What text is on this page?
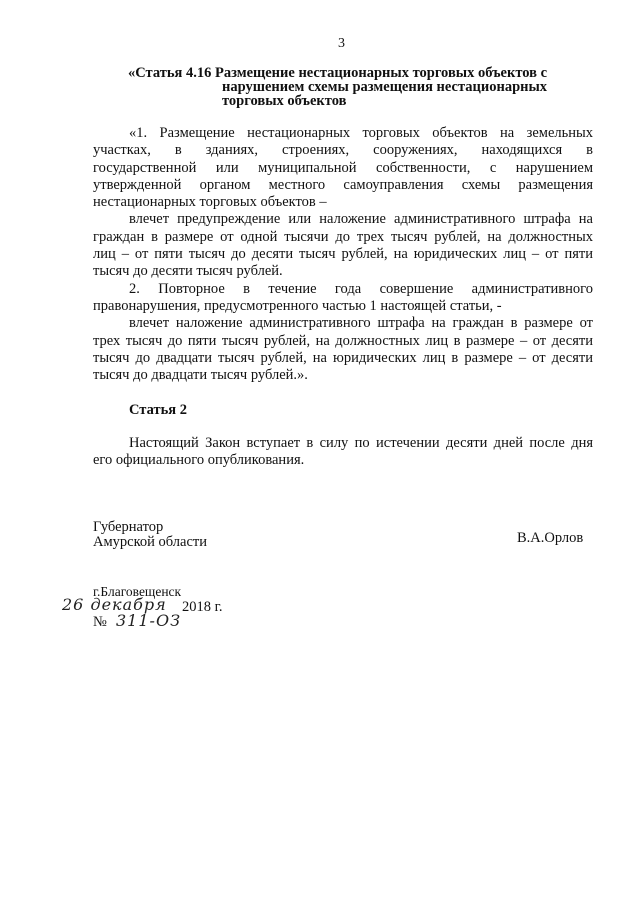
3
«Статья 4.16 Размещение нестационарных торговых объектов с
нарушением схемы размещения нестационарных
торговых объектов
«1. Размещение нестационарных торговых объектов на земельных
участках, в зданиях, строениях, сооружениях, находящихся в
государственной или муниципальной собственности, с нарушением
утвержденной органом местного самоуправления схемы размещения
нестационарных торговых объектов –
влечет предупреждение или наложение административного штрафа на
граждан в размере от одной тысячи до трех тысяч рублей, на должностных
лиц – от пяти тысяч до десяти тысяч рублей, на юридических лиц – от пяти
тысяч до десяти тысяч рублей.
2. Повторное в течение года совершение административного
правонарушения, предусмотренного частью 1 настоящей статьи, -
влечет наложение административного штрафа на граждан в размере от
трех тысяч до пяти тысяч рублей, на должностных лиц в размере – от десяти
тысяч до двадцати тысяч рублей, на юридических лиц в размере – от десяти
тысяч до двадцати тысяч рублей.».
Статья 2
Настоящий Закон вступает в силу по истечении десяти дней после дня
его официального опубликования.
Губернатор
Амурской области	В.А.Орлов
г.Благовещенск
26 декабря 2018 г.
№ 311-ОЗ
